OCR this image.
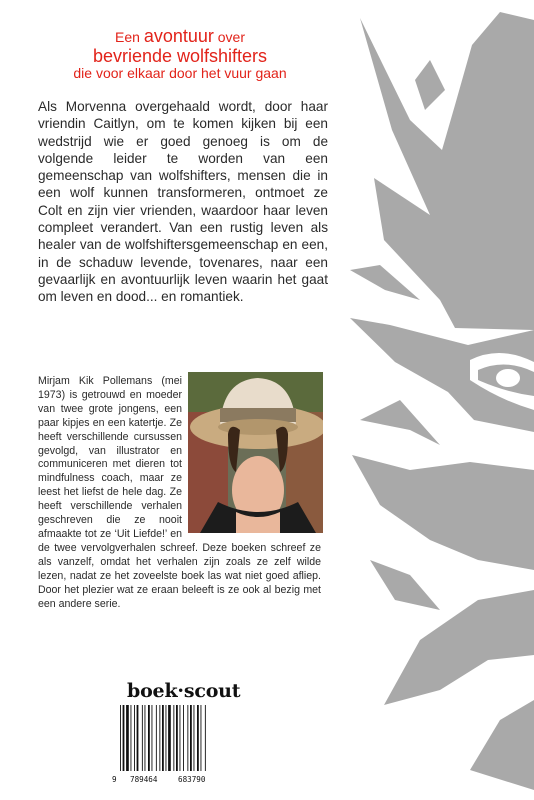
Een avontuur over
bevriende wolfshifters
die voor elkaar door het vuur gaan

Als Morvenna overgehaald wordt, door haar vriendin Caitlyn, om te komen kijken bij een wedstrijd wie er goed genoeg is om de volgende leider te worden van een gemeenschap van wolfshifters, mensen die in een wolf kunnen transformeren, ontmoet ze Colt en zijn vier vrienden, waardoor haar leven compleet verandert. Van een rustig leven als healer van de wolfshiftersgemeenschap en een, in de schaduw levende, tovenares, naar een gevaarlijk en avontuurlijk leven waarin het gaat om leven en dood... en romantiek.

Mirjam Kik Pollemans (mei 1973) is getrouwd en moeder van twee grote jongens, een paar kipjes en een katertje. Ze heeft verschillende cursussen gevolgd, van illustrator en communiceren met dieren tot mindfulness coach, maar ze leest het liefst de hele dag. Ze heeft verschillende verhalen geschreven die ze nooit afmaakte tot ze ‘Uit Liefde!’ en de twee vervolgverhalen schreef. Deze boeken schreef ze als vanzelf, omdat het verhalen zijn zoals ze zelf wilde lezen, nadat ze het zoveelste boek las wat niet goed afliep. Door het plezier wat ze eraan beleeft is ze ook al bezig met een andere serie.
boek·scout
9 789464	683790
